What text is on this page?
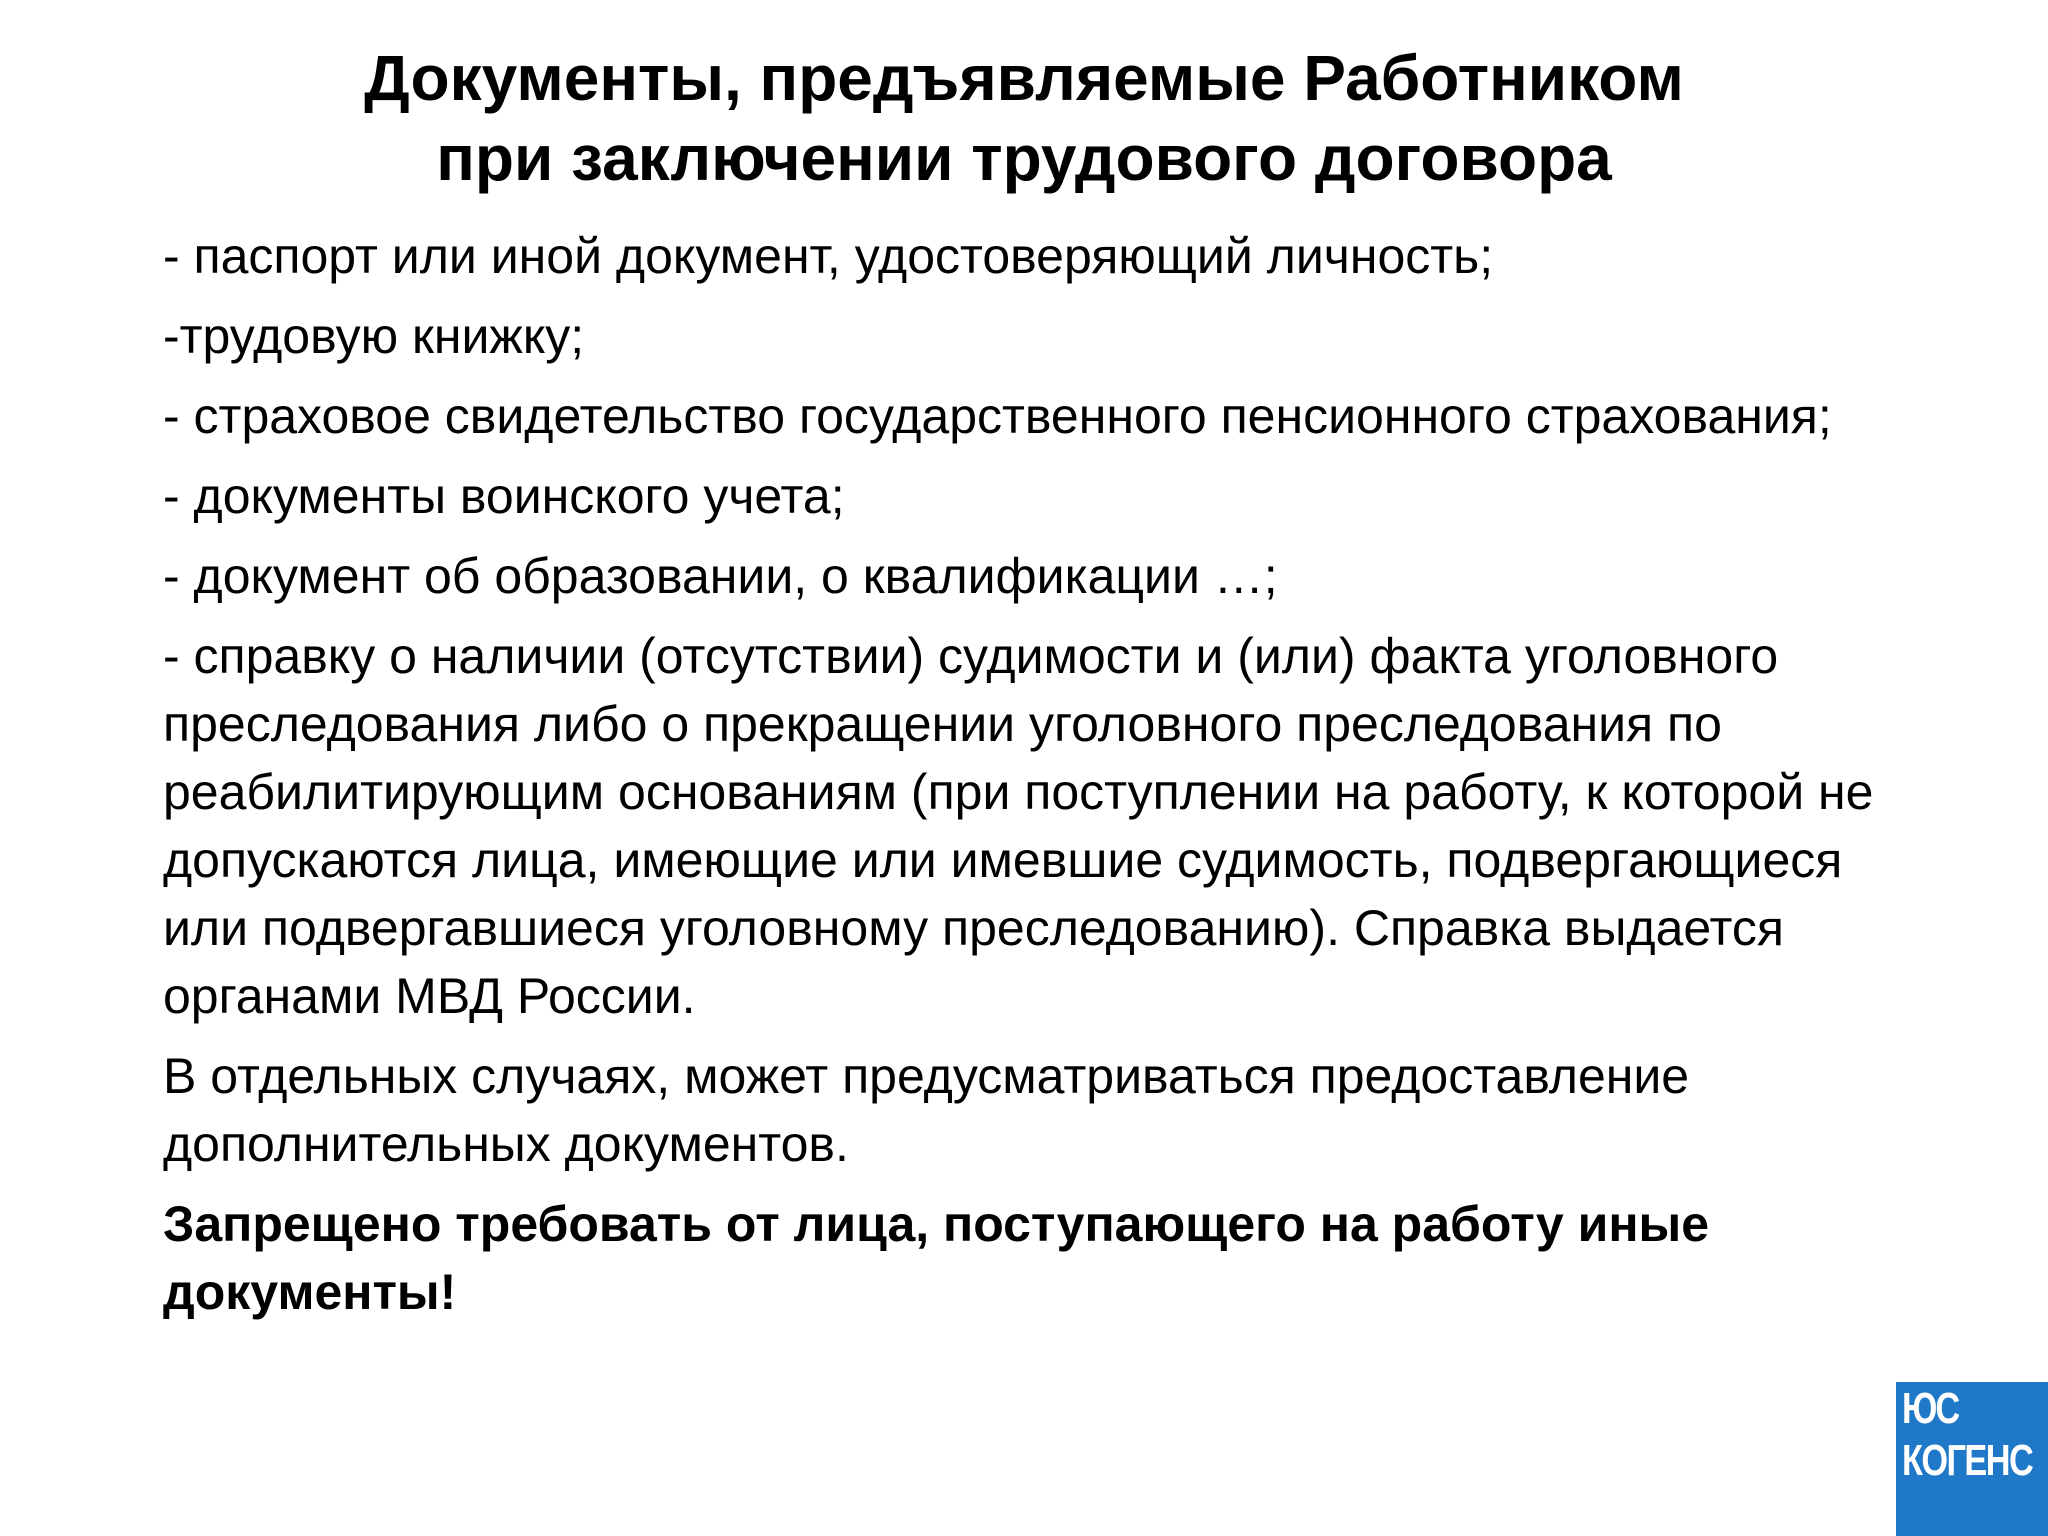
Документы, предъявляемые Работником
при заключении трудового договора

- паспорт или иной документ, удостоверяющий личность;

-трудовую книжку;

- страховое свидетельство государственного пенсионного страхования;

- документы воинского учета;

- документ об образовании, о квалификации …;

- справку о наличии (отсутствии) судимости и (или) факта уголовного преследования либо о прекращении уголовного преследования по реабилитирующим основаниям (при поступлении на работу, к которой не допускаются лица, имеющие или имевшие судимость, подвергающиеся или подвергавшиеся уголовному преследованию). Справка выдается органами МВД России.

В отдельных случаях, может предусматриваться предоставление дополнительных документов.

Запрещено требовать от лица, поступающего на работу иные документы!

ЮС
КОГЕНС
